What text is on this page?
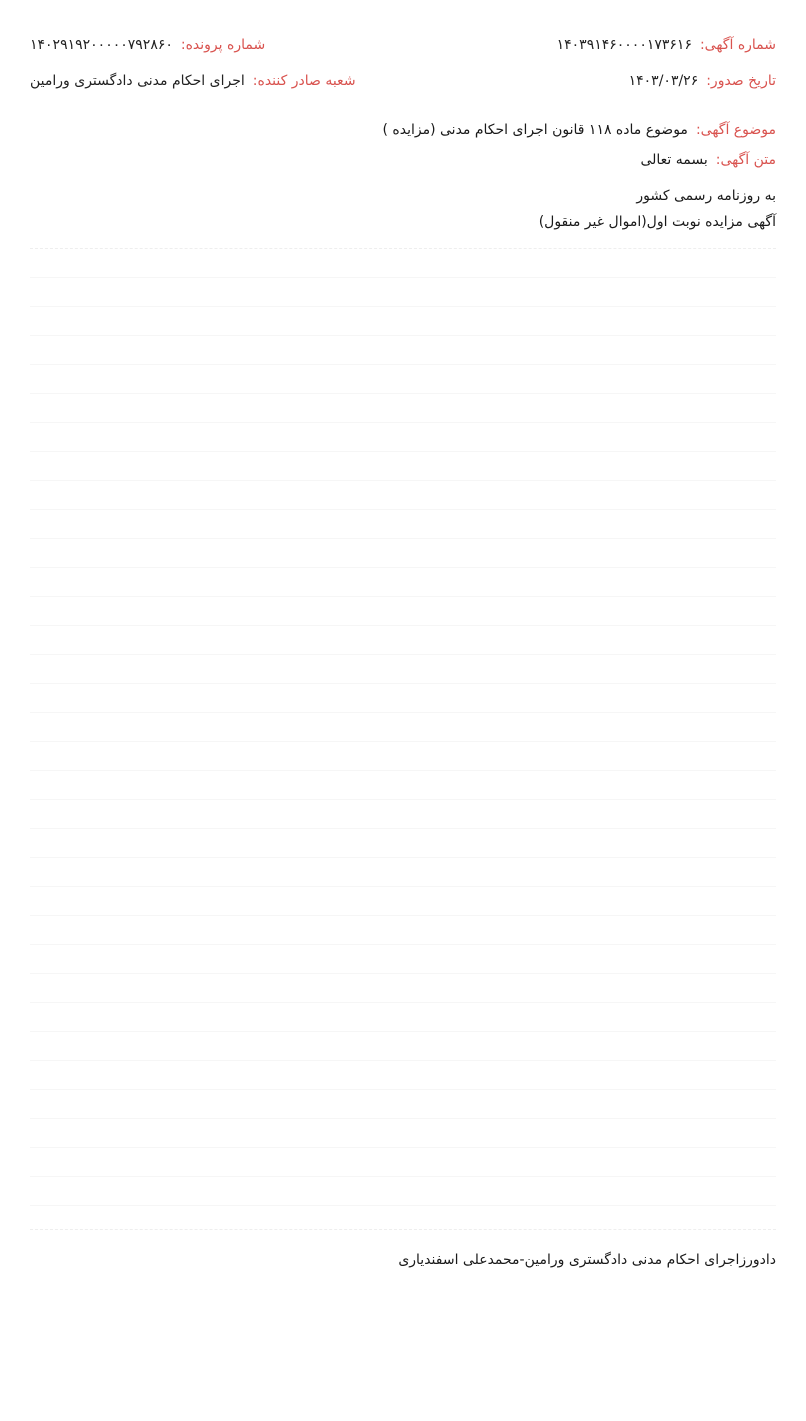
شماره آگهی:
۱۴۰۳۹۱۴۶۰۰۰۰۱۷۳۶۱۶
شماره پرونده:
۱۴۰۲۹۱۹۲۰۰۰۰۰۷۹۲۸۶۰
تاریخ صدور:
۱۴۰۳/۰۳/۲۶
شعبه صادر کننده:
اجرای احکام مدنی دادگستری ورامین
موضوع آگهی:
موضوع ماده ۱۱۸ قانون اجرای احکام مدنی (مزایده )
متن آگهی:
بسمه تعالی
به روزنامه رسمی کشور
آگهی مزایده نوبت اول(اموال غیر منقول)
دادورزاجرای احکام مدنی دادگستری ورامین-محمدعلی اسفندیاری
